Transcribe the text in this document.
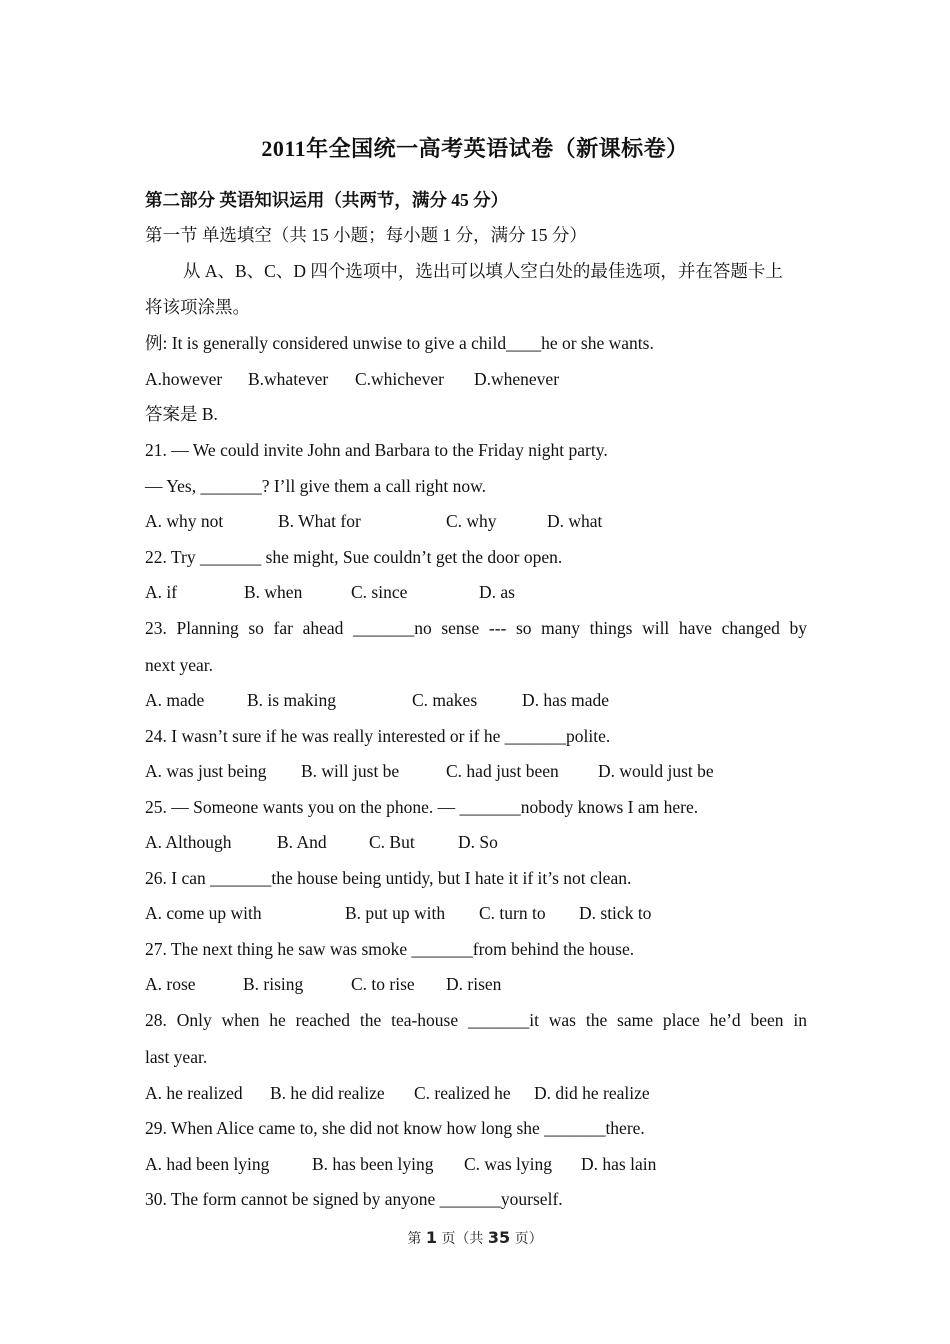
2011年全国统一高考英语试卷（新课标卷）
第二部分 英语知识运用（共两节，满分 45 分）
第一节 单选填空（共 15 小题；每小题 1 分，满分 15 分）
从 A、B、C、D 四个选项中，选出可以填人空白处的最佳选项，并在答题卡上
将该项涂黑。
例: It is generally considered unwise to give a child____he or she wants.
A.however	B.whatever	C.whichever	D.whenever
答案是 B.
21. — We could invite John and Barbara to the Friday night party.
— Yes, _______? I’ll give them a call right now.
A. why not	B. What for	C. why	D. what
22. Try _______ she might, Sue couldn’t get the door open.
A. if	B. when	C. since	D. as
23. Planning so far ahead _______no sense --- so many things will have changed by
next year.
A. made	B. is making	C. makes	D. has made
24. I wasn’t sure if he was really interested or if he _______polite.
A. was just being	B. will just be	C. had just been	D. would just be
25. — Someone wants you on the phone. — _______nobody knows I am here.
A. Although	B. And	C. But	D. So
26. I can _______the house being untidy, but I hate it if it’s not clean.
A. come up with	B. put up with	C. turn to	D. stick to
27. The next thing he saw was smoke _______from behind the house.
A. rose	B. rising	C. to rise	D. risen
28. Only when he reached the tea-house _______it was the same place he’d been in
last year.
A. he realized	B. he did realize	C. realized he	D. did he realize
29. When Alice came to, she did not know how long she _______there.
A. had been lying	B. has been lying	C. was lying	D. has lain
30. The form cannot be signed by anyone _______yourself.
第 1 页（共 35 页）
